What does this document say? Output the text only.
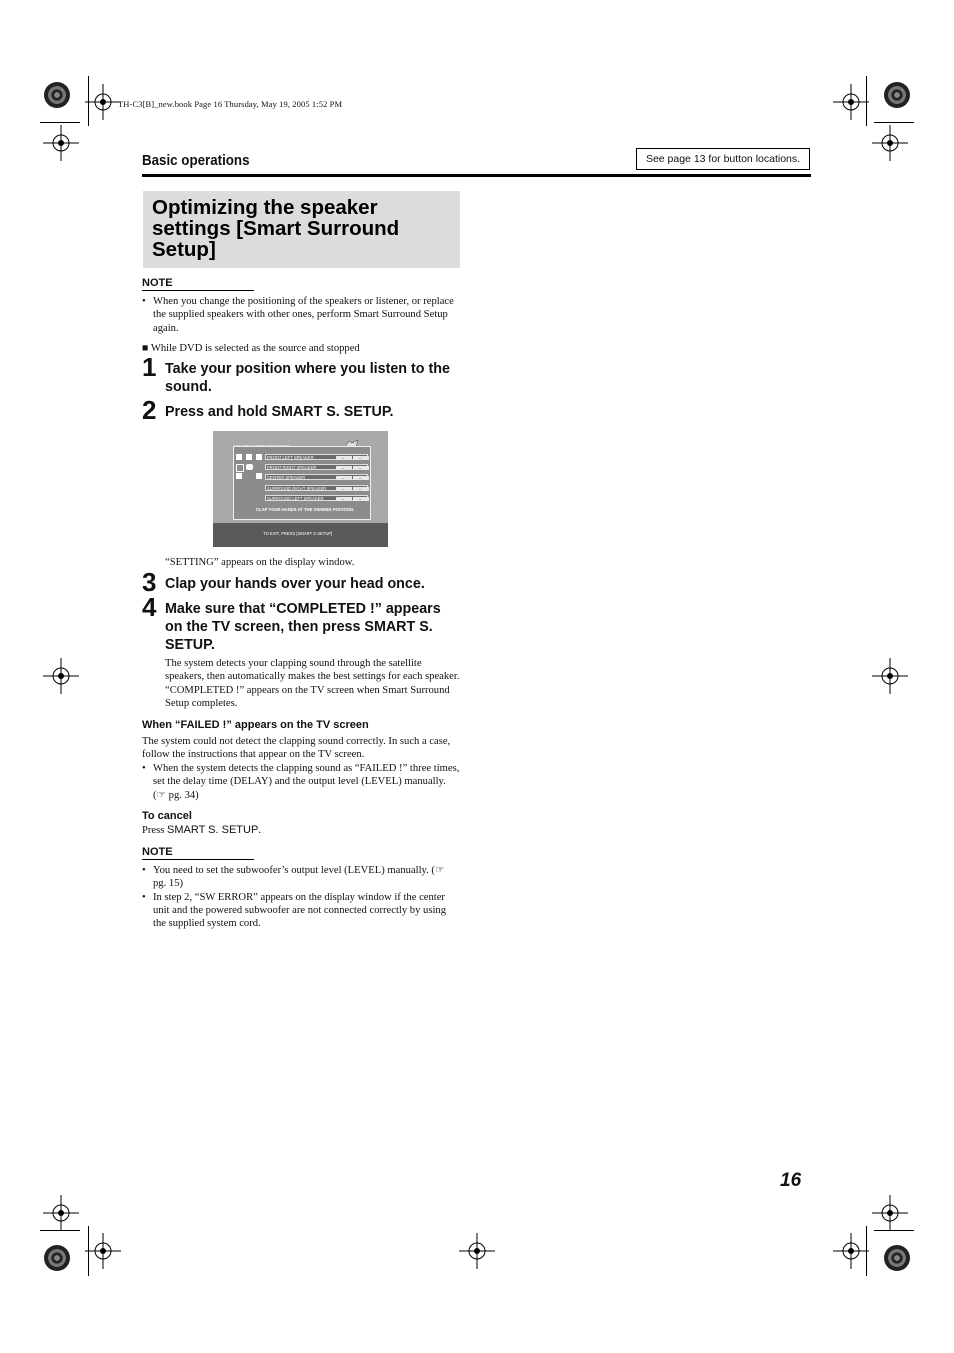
TH-C3[B]_new.book Page 16 Thursday, May 19, 2005 1:52 PM
Basic operations	See page 13 for button locations.
Optimizing the speaker settings [Smart Surround Setup]
NOTE
• When you change the positioning of the speakers or listener, or replace the supplied speakers with other ones, perform Smart Surround Setup again.
■ While DVD is selected as the source and stopped
1 Take your position where you listen to the sound.
2 Press and hold SMART S. SETUP.
FRONT LEFT SPEAKER	–	–
FRONT RIGHT SPEAKER	–	–
CENTER SPEAKER	–	–
SURROUND RIGHT SPEAKER	–	–
SURROUND LEFT SPEAKER	–	–
CLAP YOUR HANDS AT THE VIEWING POSITION.
TO EXIT, PRESS [SMART S.SETUP]
“SETTING” appears on the display window.
3 Clap your hands over your head once.
4 Make sure that “COMPLETED !” appears on the TV screen, then press SMART S. SETUP.
The system detects your clapping sound through the satellite speakers, then automatically makes the best settings for each speaker. “COMPLETED !” appears on the TV screen when Smart Surround Setup completes.
When “FAILED !” appears on the TV screen
The system could not detect the clapping sound correctly. In such a case, follow the instructions that appear on the TV screen.
• When the system detects the clapping sound as “FAILED !” three times, set the delay time (DELAY) and the output level (LEVEL) manually. (☞ pg. 34)
To cancel
Press SMART S. SETUP.
NOTE
• You need to set the subwoofer’s output level (LEVEL) manually. (☞ pg. 15)
• In step 2, “SW ERROR” appears on the display window if the center unit and the powered subwoofer are not connected correctly by using the supplied system cord.
16
